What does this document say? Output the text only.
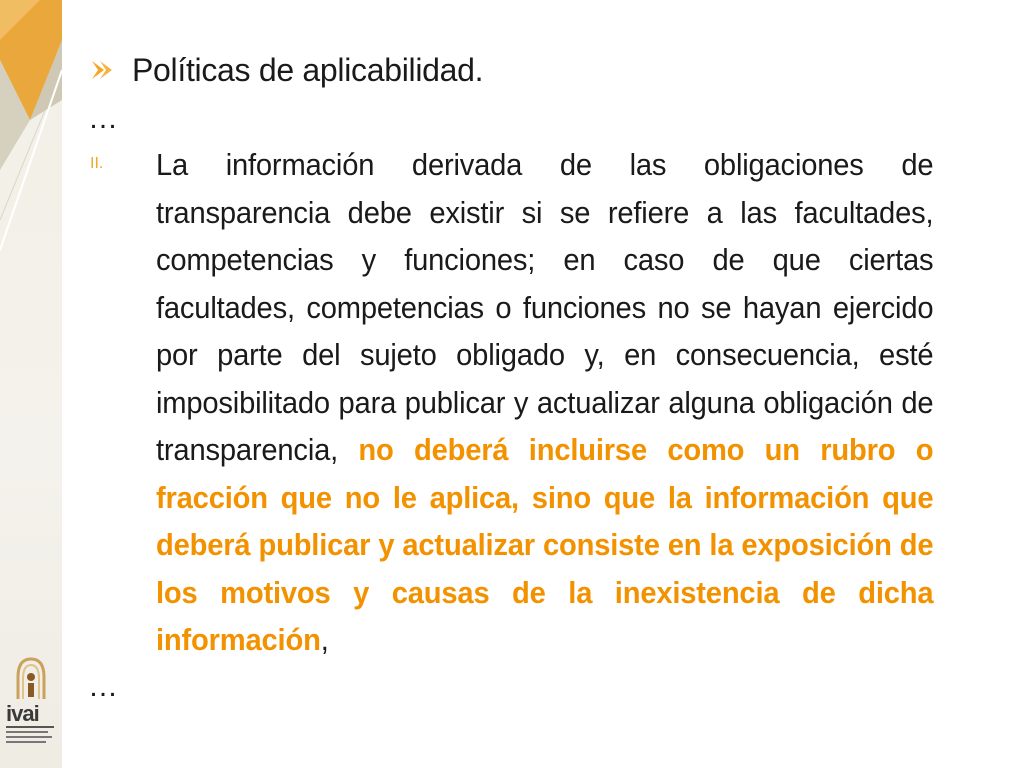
ivai
Políticas de aplicabilidad.
…
II.	La información derivada de las obligaciones de transparencia debe existir si se refiere a las facultades, competencias y funciones; en caso de que ciertas facultades, competencias o funciones no se hayan ejercido por parte del sujeto obligado y, en consecuencia, esté imposibilitado para publicar y actualizar alguna obligación de transparencia, no deberá incluirse como un rubro o fracción que no le aplica, sino que la información que deberá publicar y actualizar consiste en la exposición de los motivos y causas de la inexistencia de dicha información,
…
